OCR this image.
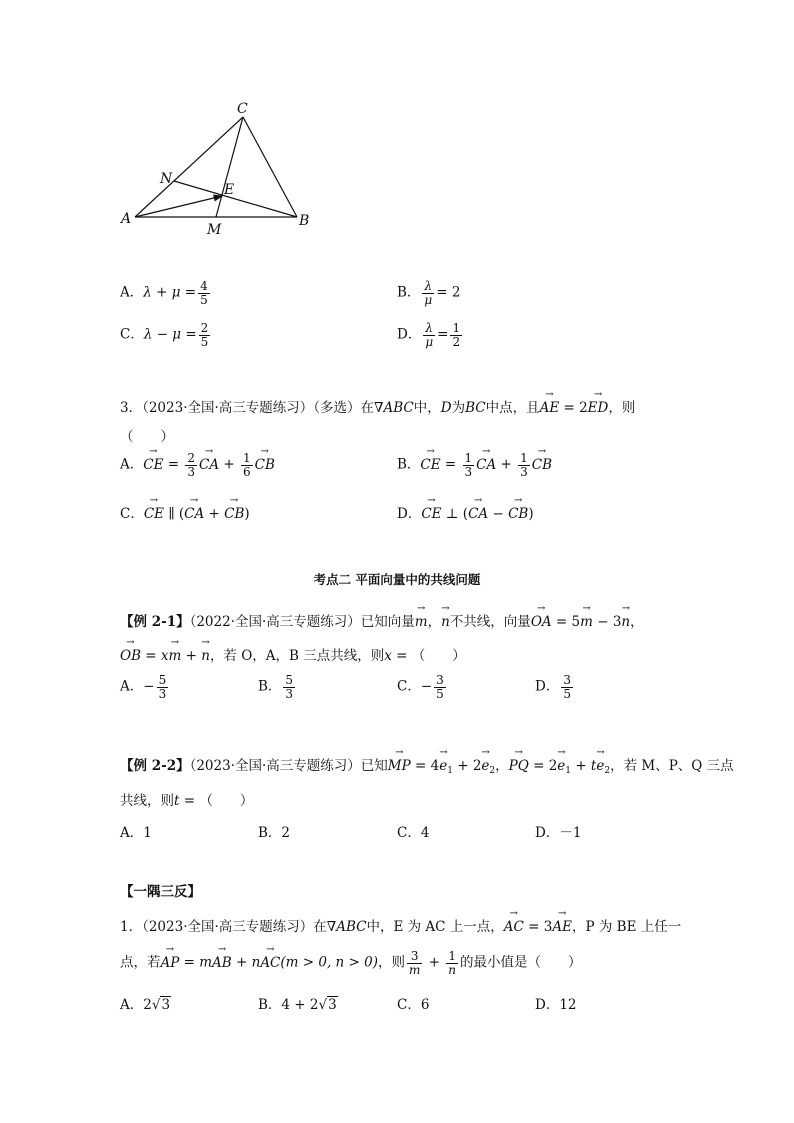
A	B
C
N
E
M
A．$\lambda + \mu = \frac{4}{5}$	B． $\frac{\lambda}{\mu} = 2$
C．$\lambda - \mu = \frac{2}{5}$	D． $\frac{\lambda}{\mu} = \frac{1}{2}$
3．（2023·全国·高三专题练习）（多选）在∇ABC中，D为BC中点，且→ AE = 2→ ED，则
（　　）
A．→ CE = $\frac{2}{3}$ → CA + $\frac{1}{6}$ → CB	B．→ CE = $\frac{1}{3}$ → CA + $\frac{1}{3}$ → CB
C．→ CE ∥ (→ CA + → CB)	D．→ CE ⊥ (→ CA − → CB)
考点二 平面向量中的共线问题
【例 2-1】（2022·全国·高三专题练习）已知向量→ m，→ n不共线，向量→ OA = 5→ m − 3→ n，
→ OB = x→ m + → n，若 O，A，B 三点共线，则x = （　　）
A．− $\frac{5}{3}$	B． $\frac{5}{3}$	C．− $\frac{3}{5}$	D． $\frac{3}{5}$
【例 2-2】（2023·全国·高三专题练习）已知→ MP = $4\to e_1 + 2\to e_2$，→ PQ = $2\to e_1 + t\to e_2$，若 M、P、Q 三点
共线，则t = （　　）
A．1	B．2	C．4	D．－1
【一隅三反】
1．（2023·全国·高三专题练习）在∇ABC中，E 为 AC 上一点，→ AC = 3→ AE，P 为 BE 上任一
点，若→ AP = m→ AB + n→ AC(m > 0, n > 0)，则 $\frac{3}{m} + \frac{1}{n}$ 的最小值是（　　）
A．2√3	B．4 + 2√3	C．6	D．12
